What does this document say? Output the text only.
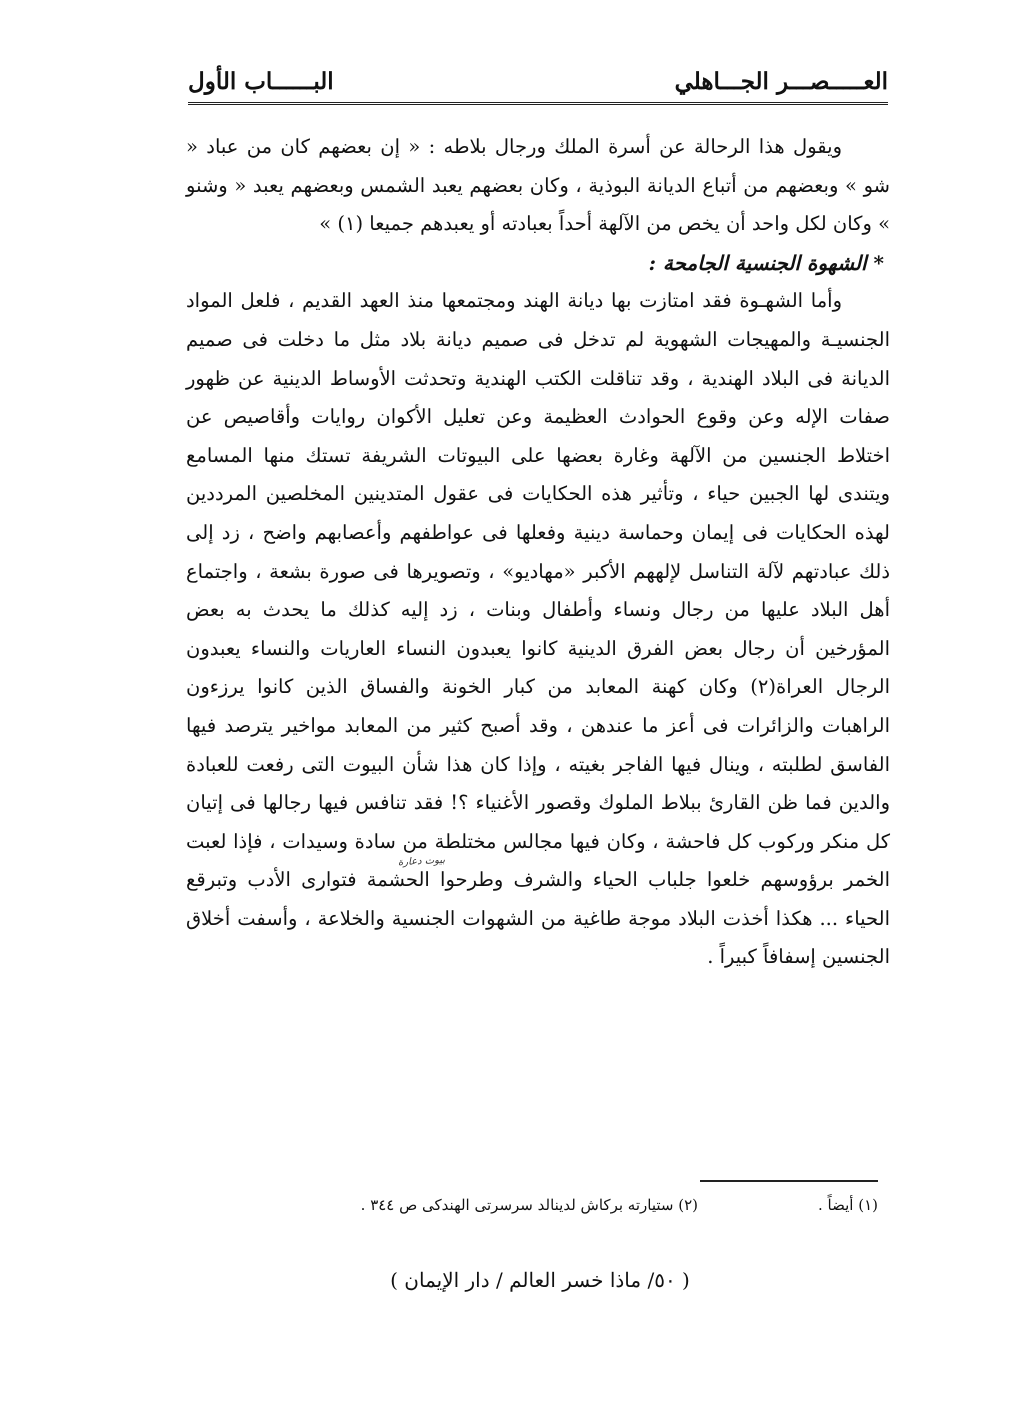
العـــــصـــر الجـــاهلي
البــــــاب الأول

ويقول هذا الرحالة عن أسرة الملك ورجال بلاطه : « إن بعضهم كان من عباد « شو » وبعضهم من أتباع الديانة البوذية ، وكان بعضهم يعبد الشمس وبعضهم يعبد « وشنو » وكان لكل واحد أن يخص من الآلهة أحداً بعبادته أو يعبدهم جميعا (١) »

* الشهوة الجنسية الجامحة :

وأما الشهـوة فقد امتازت بها ديانة الهند ومجتمعها منذ العهد القديم ، فلعل المواد الجنسيـة والمهيجات الشهوية لم تدخل فى صميم ديانة بلاد مثل ما دخلت فى صميم الديانة فى البلاد الهندية ، وقد تناقلت الكتب الهندية وتحدثت الأوساط الدينية عن ظهور صفات الإله وعن وقوع الحوادث العظيمة وعن تعليل الأكوان روايات وأقاصيص عن اختلاط الجنسين من الآلهة وغارة بعضها على البيوتات الشريفة تستك منها المسامع ويتندى لها الجبين حياء ، وتأثير هذه الحكايات فى عقول المتدينين المخلصين المرددين لهذه الحكايات فى إيمان وحماسة دينية وفعلها فى عواطفهم وأعصابهم واضح ، زد إلى ذلك عبادتهم لآلة التناسل لإلههم الأكبر «مهاديو» ، وتصويرها فى صورة بشعة ، واجتماع أهل البلاد عليها من رجال ونساء وأطفال وبنات ، زد إليه كذلك ما يحدث به بعض المؤرخين أن رجال بعض الفرق الدينية كانوا يعبدون النساء العاريات والنساء يعبدون الرجال العراة(٢) وكان كهنة المعابد من كبار الخونة والفساق الذين كانوا يرزءون الراهبات والزائرات فى أعز ما عندهن ، وقد أصبح كثير من المعابد مواخير يترصد فيها الفاسق لطلبته ، وينال فيها الفاجر بغيته ، وإذا كان هذا شأن البيوت التى رفعت للعبادة والدين فما ظن القارئ ببلاط الملوك وقصور الأغنياء ؟! فقد تنافس فيها رجالها فى إتيان كل منكر وركوب كل فاحشة ، وكان فيها مجالس مختلطة من سادة وسيدات ، فإذا لعبت الخمر برؤوسهم خلعوا جلباب الحياء والشرف وطرحوا الحشمة فتوارى الأدب وتبرقع الحياء ... هكذا أخذت البلاد موجة طاغية من الشهوات الجنسية والخلاعة ، وأسفت أخلاق الجنسين إسفافاً كبيراً .

بيوت دعارة
(١) أيضاً .
(٢) ستيارته بركاش لدينالد سرسرتى الهندكى ص ٣٤٤ .
( ٥٠/ ماذا خسر العالم / دار الإيمان )
